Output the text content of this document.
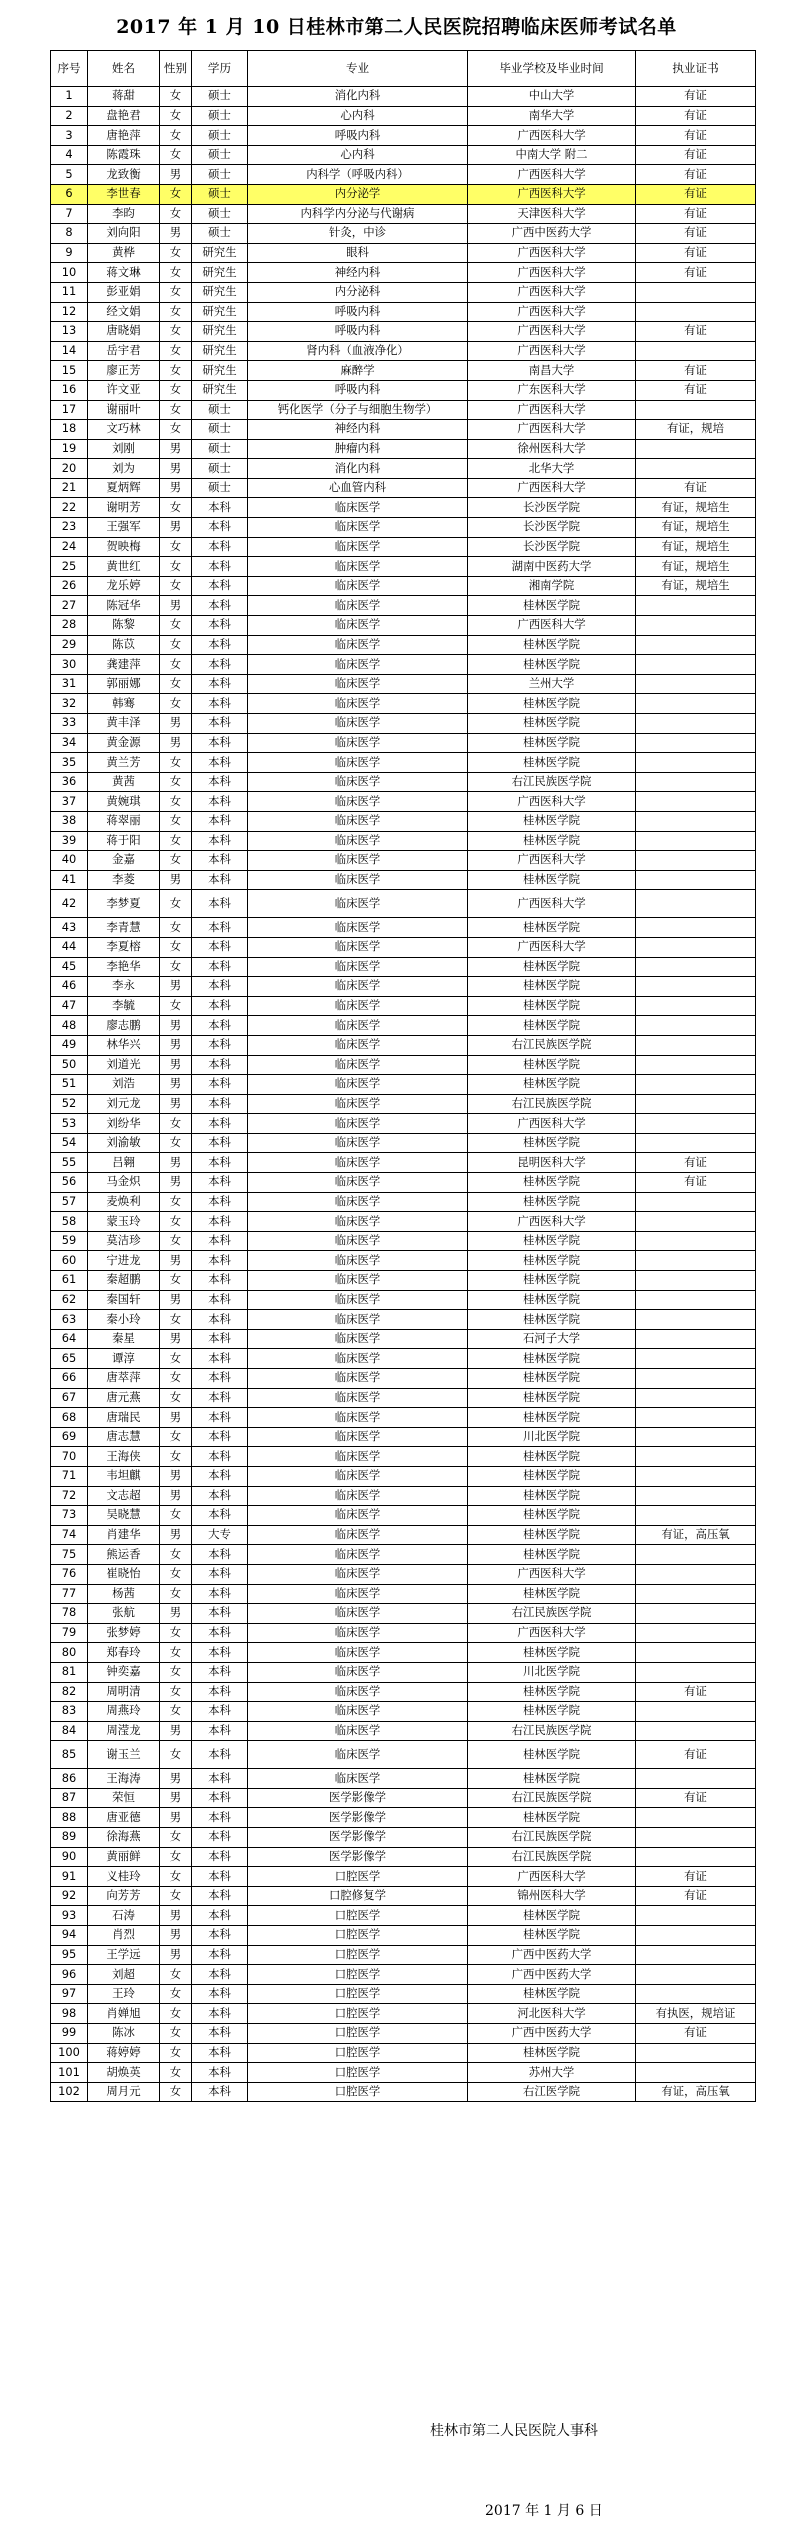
2017 年 1 月 10 日桂林市第二人民医院招聘临床医师考试名单
序号	姓名	性别	学历	专业	毕业学校及毕业时间	执业证书
1	蒋甜	女	硕士	消化内科	中山大学	有证
2	盘艳君	女	硕士	心内科	南华大学	有证
3	唐艳萍	女	硕士	呼吸内科	广西医科大学	有证
4	陈霞珠	女	硕士	心内科	中南大学 附二	有证
5	龙致衡	男	硕士	内科学（呼吸内科）	广西医科大学	有证
6	李世春	女	硕士	内分泌学	广西医科大学	有证
7	李昀	女	硕士	内科学内分泌与代谢病	天津医科大学	有证
8	刘向阳	男	硕士	针灸，中诊	广西中医药大学	有证
9	黄桦	女	研究生	眼科	广西医科大学	有证
10	蒋文琳	女	研究生	神经内科	广西医科大学	有证
11	彭亚娟	女	研究生	内分泌科	广西医科大学	
12	经文娟	女	研究生	呼吸内科	广西医科大学	
13	唐晓娟	女	研究生	呼吸内科	广西医科大学	有证
14	岳宇君	女	研究生	肾内科（血液净化）	广西医科大学	
15	廖正芳	女	研究生	麻醉学	南昌大学	有证
16	许文亚	女	研究生	呼吸内科	广东医科大学	有证
17	谢丽叶	女	硕士	钙化医学（分子与细胞生物学）	广西医科大学	
18	文巧林	女	硕士	神经内科	广西医科大学	有证，规培
19	刘刚	男	硕士	肿瘤内科	徐州医科大学	
20	刘为	男	硕士	消化内科	北华大学	
21	夏炳辉	男	硕士	心血管内科	广西医科大学	有证
22	谢明芳	女	本科	临床医学	长沙医学院	有证，规培生
23	王强军	男	本科	临床医学	长沙医学院	有证，规培生
24	贺映梅	女	本科	临床医学	长沙医学院	有证，规培生
25	黄世红	女	本科	临床医学	湖南中医药大学	有证，规培生
26	龙乐婷	女	本科	临床医学	湘南学院	有证，规培生
27	陈冠华	男	本科	临床医学	桂林医学院	
28	陈黎	女	本科	临床医学	广西医科大学	
29	陈苡	女	本科	临床医学	桂林医学院	
30	龚建萍	女	本科	临床医学	桂林医学院	
31	郭丽娜	女	本科	临床医学	兰州大学	
32	韩骞	女	本科	临床医学	桂林医学院	
33	黄丰泽	男	本科	临床医学	桂林医学院	
34	黄金源	男	本科	临床医学	桂林医学院	
35	黄兰芳	女	本科	临床医学	桂林医学院	
36	黄茜	女	本科	临床医学	右江民族医学院	
37	黄婉琪	女	本科	临床医学	广西医科大学	
38	蒋翠丽	女	本科	临床医学	桂林医学院	
39	蒋于阳	女	本科	临床医学	桂林医学院	
40	金嘉	女	本科	临床医学	广西医科大学	
41	李菱	男	本科	临床医学	桂林医学院	
42	李梦夏	女	本科	临床医学	广西医科大学	
43	李青慧	女	本科	临床医学	桂林医学院	
44	李夏榕	女	本科	临床医学	广西医科大学	
45	李艳华	女	本科	临床医学	桂林医学院	
46	李永	男	本科	临床医学	桂林医学院	
47	李毓	女	本科	临床医学	桂林医学院	
48	廖志鹏	男	本科	临床医学	桂林医学院	
49	林华兴	男	本科	临床医学	右江民族医学院	
50	刘道光	男	本科	临床医学	桂林医学院	
51	刘浩	男	本科	临床医学	桂林医学院	
52	刘元龙	男	本科	临床医学	右江民族医学院	
53	刘纷华	女	本科	临床医学	广西医科大学	
54	刘渝敏	女	本科	临床医学	桂林医学院	
55	吕翱	男	本科	临床医学	昆明医科大学	有证
56	马金炽	男	本科	临床医学	桂林医学院	有证
57	麦焕利	女	本科	临床医学	桂林医学院	
58	蒙玉玲	女	本科	临床医学	广西医科大学	
59	莫洁珍	女	本科	临床医学	桂林医学院	
60	宁进龙	男	本科	临床医学	桂林医学院	
61	秦超鹏	女	本科	临床医学	桂林医学院	
62	秦国轩	男	本科	临床医学	桂林医学院	
63	秦小玲	女	本科	临床医学	桂林医学院	
64	秦星	男	本科	临床医学	石河子大学	
65	谭淳	女	本科	临床医学	桂林医学院	
66	唐萃萍	女	本科	临床医学	桂林医学院	
67	唐元燕	女	本科	临床医学	桂林医学院	
68	唐瑞民	男	本科	临床医学	桂林医学院	
69	唐志慧	女	本科	临床医学	川北医学院	
70	王海侠	女	本科	临床医学	桂林医学院	
71	韦坦麒	男	本科	临床医学	桂林医学院	
72	文志超	男	本科	临床医学	桂林医学院	
73	吴晓慧	女	本科	临床医学	桂林医学院	
74	肖建华	男	大专	临床医学	桂林医学院	有证，高压氧
75	熊运香	女	本科	临床医学	桂林医学院	
76	崔晓怡	女	本科	临床医学	广西医科大学	
77	杨茜	女	本科	临床医学	桂林医学院	
78	张航	男	本科	临床医学	右江民族医学院	
79	张梦婷	女	本科	临床医学	广西医科大学	
80	郑春玲	女	本科	临床医学	桂林医学院	
81	钟奕嘉	女	本科	临床医学	川北医学院	
82	周明清	女	本科	临床医学	桂林医学院	有证
83	周燕玲	女	本科	临床医学	桂林医学院	
84	周滢龙	男	本科	临床医学	右江民族医学院	
85	谢玉兰	女	本科	临床医学	桂林医学院	有证
86	王海涛	男	本科	临床医学	桂林医学院	
87	荣恒	男	本科	医学影像学	右江民族医学院	有证
88	唐亚德	男	本科	医学影像学	桂林医学院	
89	徐海燕	女	本科	医学影像学	右江民族医学院	
90	黄丽鲜	女	本科	医学影像学	右江民族医学院	
91	义桂玲	女	本科	口腔医学	广西医科大学	有证
92	向芳芳	女	本科	口腔修复学	锦州医科大学	有证
93	石涛	男	本科	口腔医学	桂林医学院	
94	肖烈	男	本科	口腔医学	桂林医学院	
95	王学远	男	本科	口腔医学	广西中医药大学	
96	刘超	女	本科	口腔医学	广西中医药大学	
97	王玲	女	本科	口腔医学	桂林医学院	
98	肖婵旭	女	本科	口腔医学	河北医科大学	有执医，规培证
99	陈冰	女	本科	口腔医学	广西中医药大学	有证
100	蒋婷婷	女	本科	口腔医学	桂林医学院	
101	胡焕英	女	本科	口腔医学	苏州大学	
102	周月元	女	本科	口腔医学	右江医学院	有证，高压氧
桂林市第二人民医院人事科
2017 年 1 月 6 日
